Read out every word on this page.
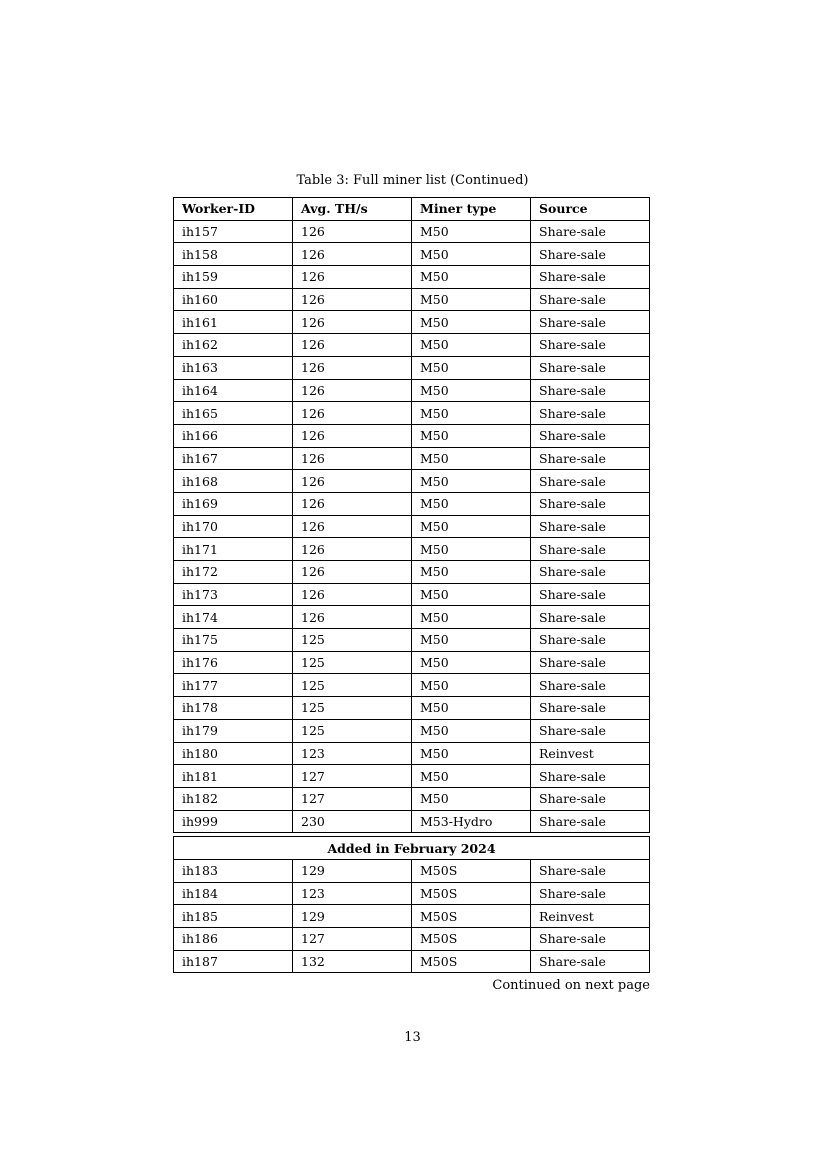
Table 3: Full miner list (Continued)
Worker-ID	Avg. TH/s	Miner type	Source
ih157	126	M50	Share-sale
ih158	126	M50	Share-sale
ih159	126	M50	Share-sale
ih160	126	M50	Share-sale
ih161	126	M50	Share-sale
ih162	126	M50	Share-sale
ih163	126	M50	Share-sale
ih164	126	M50	Share-sale
ih165	126	M50	Share-sale
ih166	126	M50	Share-sale
ih167	126	M50	Share-sale
ih168	126	M50	Share-sale
ih169	126	M50	Share-sale
ih170	126	M50	Share-sale
ih171	126	M50	Share-sale
ih172	126	M50	Share-sale
ih173	126	M50	Share-sale
ih174	126	M50	Share-sale
ih175	125	M50	Share-sale
ih176	125	M50	Share-sale
ih177	125	M50	Share-sale
ih178	125	M50	Share-sale
ih179	125	M50	Share-sale
ih180	123	M50	Reinvest
ih181	127	M50	Share-sale
ih182	127	M50	Share-sale
ih999	230	M53-Hydro	Share-sale
Added in February 2024			
ih183	129	M50S	Share-sale
ih184	123	M50S	Share-sale
ih185	129	M50S	Reinvest
ih186	127	M50S	Share-sale
ih187	132	M50S	Share-sale
Continued on next page
13
